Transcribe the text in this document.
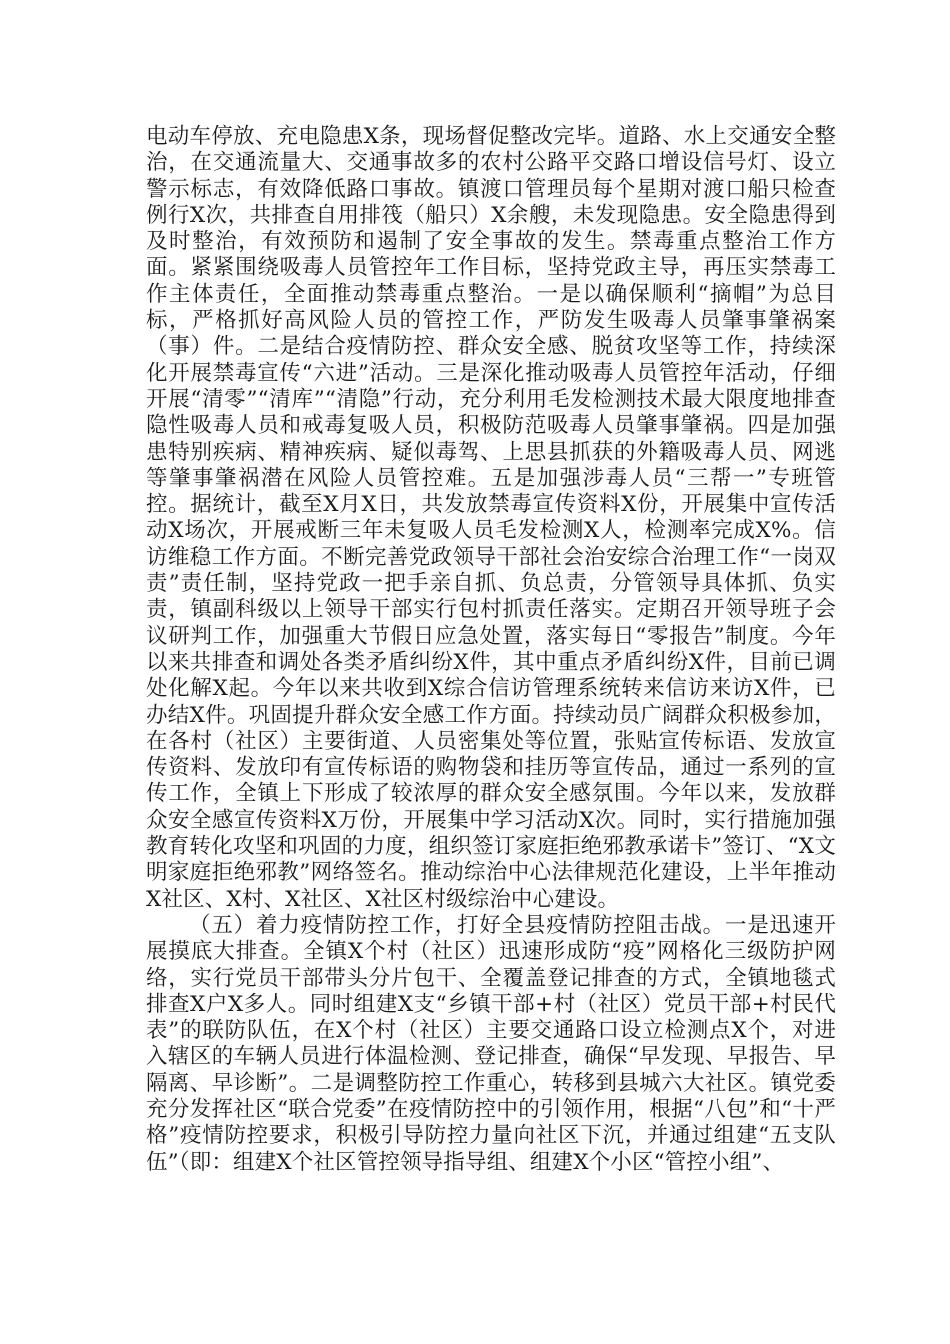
电动车停放、充电隐患X条，现场督促整改完毕。道路、水上交通安全整治，在交通流量大、交通事故多的农村公路平交路口增设信号灯、设立警示标志，有效降低路口事故。镇渡口管理员每个星期对渡口船只检查例行X次，共排查自用排筏（船只）X余艘，未发现隐患。安全隐患得到及时整治，有效预防和遏制了安全事故的发生。禁毒重点整治工作方面。紧紧围绕吸毒人员管控年工作目标，坚持党政主导，再压实禁毒工作主体责任，全面推动禁毒重点整治。一是以确保顺利“摘帽”为总目标，严格抓好高风险人员的管控工作，严防发生吸毒人员肇事肇祸案（事）件。二是结合疫情防控、群众安全感、脱贫攻坚等工作，持续深化开展禁毒宣传“六进”活动。三是深化推动吸毒人员管控年活动，仔细开展“清零”“清库”“清隐”行动，充分利用毛发检测技术最大限度地排查隐性吸毒人员和戒毒复吸人员，积极防范吸毒人员肇事肇祸。四是加强患特别疾病、精神疾病、疑似毒驾、上思县抓获的外籍吸毒人员、网逃等肇事肇祸潜在风险人员管控难。五是加强涉毒人员“三帮一”专班管控。据统计，截至X月X日，共发放禁毒宣传资料X份，开展集中宣传活动X场次，开展戒断三年未复吸人员毛发检测X人，检测率完成X%。信访维稳工作方面。不断完善党政领导干部社会治安综合治理工作“一岗双责”责任制，坚持党政一把手亲自抓、负总责，分管领导具体抓、负实责，镇副科级以上领导干部实行包村抓责任落实。定期召开领导班子会议研判工作，加强重大节假日应急处置，落实每日“零报告”制度。今年以来共排查和调处各类矛盾纠纷X件，其中重点矛盾纠纷X件，目前已调处化解X起。今年以来共收到X综合信访管理系统转来信访来访X件，已办结X件。巩固提升群众安全感工作方面。持续动员广阔群众积极参加，在各村（社区）主要街道、人员密集处等位置，张贴宣传标语、发放宣传资料、发放印有宣传标语的购物袋和挂历等宣传品，通过一系列的宣传工作，全镇上下形成了较浓厚的群众安全感氛围。今年以来，发放群众安全感宣传资料X万份，开展集中学习活动X次。同时，实行措施加强教育转化攻坚和巩固的力度，组织签订家庭拒绝邪教承诺卡”签订、“X文明家庭拒绝邪教”网络签名。推动综治中心法律规范化建设，上半年推动X社区、X村、X社区、X社区村级综治中心建设。

（五）着力疫情防控工作，打好全县疫情防控阻击战。一是迅速开展摸底大排查。全镇X个村（社区）迅速形成防“疫”网格化三级防护网络，实行党员干部带头分片包干、全覆盖登记排查的方式，全镇地毯式排查X户X多人。同时组建X支“乡镇干部+村（社区）党员干部+村民代表”的联防队伍，在X个村（社区）主要交通路口设立检测点X个，对进入辖区的车辆人员进行体温检测、登记排查，确保“早发现、早报告、早隔离、早诊断”。二是调整防控工作重心，转移到县城六大社区。镇党委充分发挥社区“联合党委”在疫情防控中的引领作用，根据“八包”和“十严格”疫情防控要求，积极引导防控力量向社区下沉，并通过组建“五支队伍”（即：组建X个社区管控领导指导组、组建X个小区“管控小组”、
